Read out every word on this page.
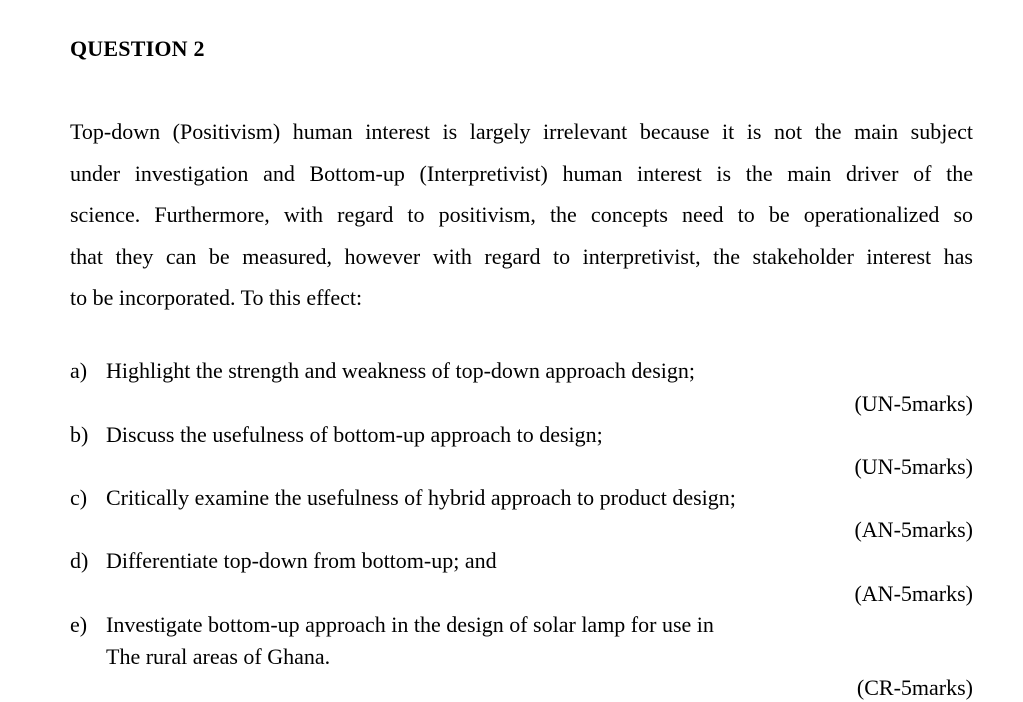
QUESTION 2
Top-down (Positivism) human interest is largely irrelevant because it is not the main subject
under investigation and Bottom-up (Interpretivist) human interest is the main driver of the
science. Furthermore, with regard to positivism, the concepts need to be operationalized so
that they can be measured, however with regard to interpretivist, the stakeholder interest has
to be incorporated. To this effect:
a) Highlight the strength and weakness of top-down approach design;
(UN-5marks)
b) Discuss the usefulness of bottom-up approach to design;
(UN-5marks)
c) Critically examine the usefulness of hybrid approach to product design;
(AN-5marks)
d) Differentiate top-down from bottom-up; and
(AN-5marks)
e) Investigate bottom-up approach in the design of solar lamp for use in
The rural areas of Ghana.
(CR-5marks)
